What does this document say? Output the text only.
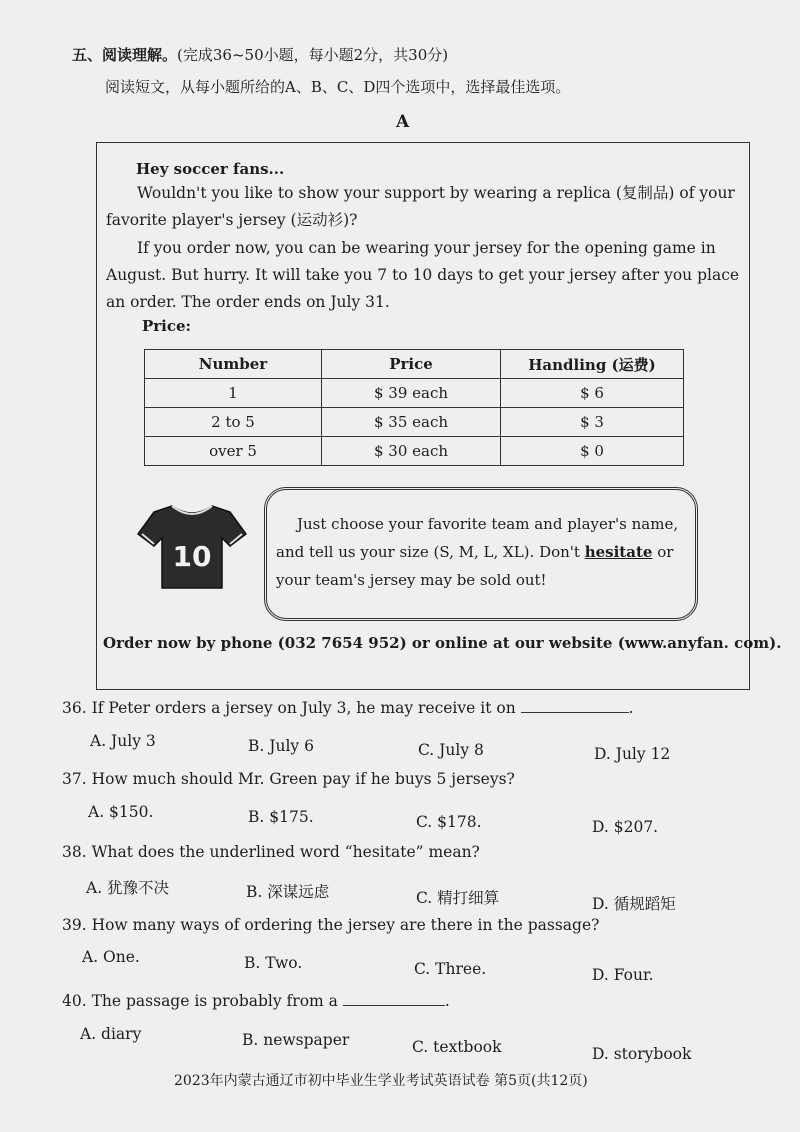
五、阅读理解。(完成36~50小题，每小题2分，共30分)
阅读短文，从每小题所给的A、B、C、D四个选项中，选择最佳选项。
A
Hey soccer fans...
Wouldn't you like to show your support by wearing a replica (复制品) of your favorite player's jersey (运动衫)?
If you order now, you can be wearing your jersey for the opening game in August. But hurry. It will take you 7 to 10 days to get your jersey after you place an order. The order ends on July 31.
Price:
Number	Price	Handling (运费)
1	$ 39 each	$ 6
2 to 5	$ 35 each	$ 3
over 5	$ 30 each	$ 0
10
Just choose your favorite team and player's name, and tell us your size (S, M, L, XL). Don't hesitate or your team's jersey may be sold out!
Order now by phone (032 7654 952) or online at our website (www.anyfan. com).
36. If Peter orders a jersey on July 3, he may receive it on	.
A. July 3	B. July 6	C. July 8	D. July 12
37. How much should Mr. Green pay if he buys 5 jerseys?
A. $150.	B. $175.	C. $178.	D. $207.
38. What does the underlined word “hesitate” mean?
A. 犹豫不决	B. 深谋远虑	C. 精打细算	D. 循规蹈矩
39. How many ways of ordering the jersey are there in the passage?
A. One.	B. Two.	C. Three.	D. Four.
40. The passage is probably from a	.
A. diary	B. newspaper	C. textbook	D. storybook
2023年内蒙古通辽市初中毕业生学业考试英语试卷 第5页(共12页)
